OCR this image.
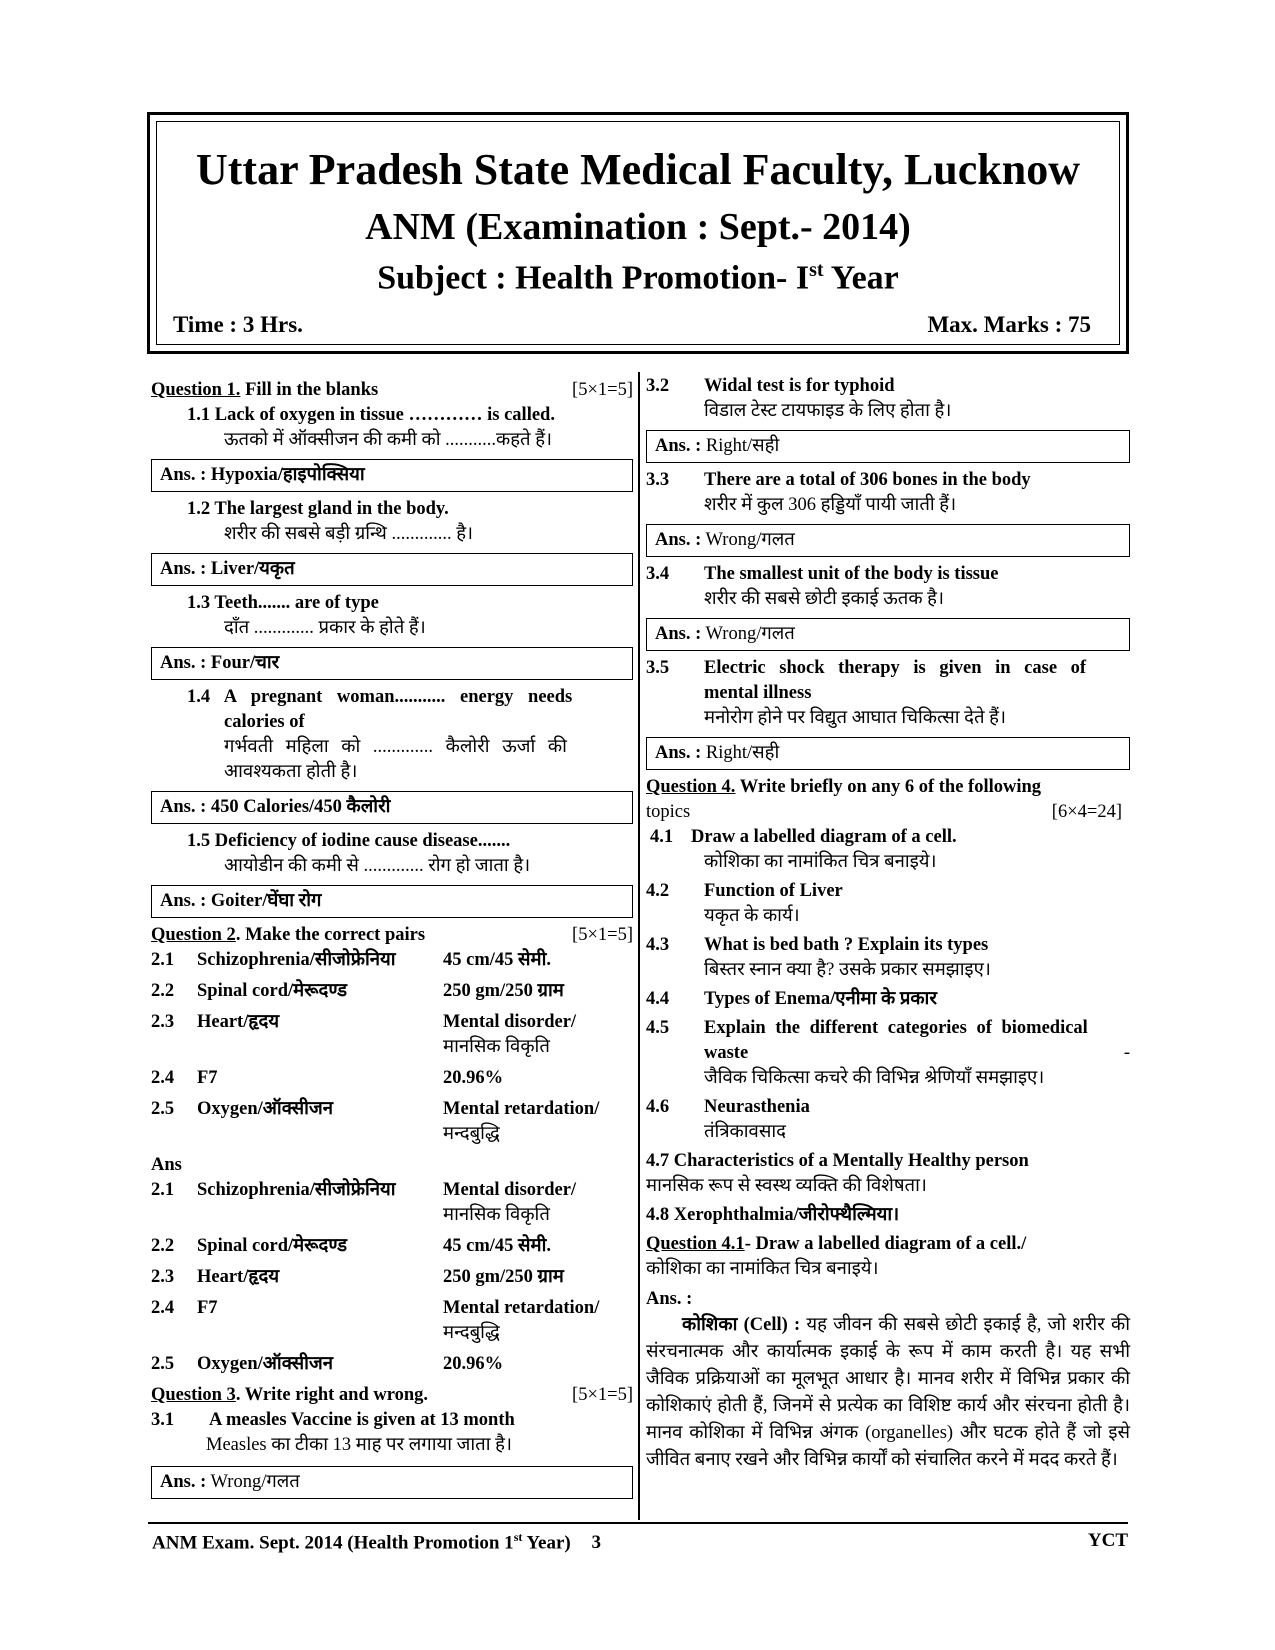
Uttar Pradesh State Medical Faculty, Lucknow
ANM (Examination : Sept.- 2014)
Subject : Health Promotion- Ist Year
Time : 3 Hrs.	Max. Marks : 75
Question 1. Fill in the blanks	[5×1=5]
1.1 Lack of oxygen in tissue ………… is called.
ऊतको में ऑक्सीजन की कमी को ...........कहते हैं।
Ans. : Hypoxia/हाइपोक्सिया
1.2 The largest gland in the body.
शरीर की सबसे बड़ी ग्रन्थि ............. है।
Ans. : Liver/यकृत
1.3 Teeth....... are of type
दाँत ............. प्रकार के होते हैं।
Ans. : Four/चार
1.4 A pregnant woman........... energy needs
calories of
गर्भवती महिला को ............. कैलोरी ऊर्जा की
आवश्यकता होती है।
Ans. : 450 Calories/450 कैलोरी
1.5 Deficiency of iodine cause disease.......
आयोडीन की कमी से ............. रोग हो जाता है।
Ans. : Goiter/घेंघा रोग
Question 2. Make the correct pairs	[5×1=5]
2.1	Schizophrenia/सीजोफ्रेनिया	45 cm/45 सेमी.
2.2	Spinal cord/मेरूदण्ड	250 gm/250 ग्राम
2.3	Heart/हृदय	Mental disorder/
मानसिक विकृति
2.4	F7	20.96%
2.5	Oxygen/ऑक्सीजन	Mental retardation/
मन्दबुद्धि
Ans
2.1	Schizophrenia/सीजोफ्रेनिया	Mental disorder/
मानसिक विकृति
2.2	Spinal cord/मेरूदण्ड	45 cm/45 सेमी.
2.3	Heart/हृदय	250 gm/250 ग्राम
2.4	F7	Mental retardation/
मन्दबुद्धि
2.5	Oxygen/ऑक्सीजन	20.96%
Question 3. Write right and wrong.	[5×1=5]
3.1	A measles Vaccine is given at 13 month
Measles का टीका 13 माह पर लगाया जाता है।
Ans. : Wrong/गलत
3.2	Widal test is for typhoid
विडाल टेस्ट टायफाइड के लिए होता है।
Ans. : Right/सही
3.3	There are a total of 306 bones in the body
शरीर में कुल 306 हड्डियाँ पायी जाती हैं।
Ans. : Wrong/गलत
3.4	The smallest unit of the body is tissue
शरीर की सबसे छोटी इकाई ऊतक है।
Ans. : Wrong/गलत
3.5	Electric shock therapy is given in case of
mental illness
मनोरोग होने पर विद्युत आघात चिकित्सा देते हैं।
Ans. : Right/सही
Question 4. Write briefly on any 6 of the following
topics	[6×4=24]
4.1 Draw a labelled diagram of a cell.
कोशिका का नामांकित चित्र बनाइये।
4.2	Function of Liver
यकृत के कार्य।
4.3	What is bed bath ? Explain its types
बिस्तर स्नान क्या है? उसके प्रकार समझाइए।
4.4	Types of Enema/एनीमा के प्रकार
4.5	Explain the different categories of biomedical
waste	-
जैविक चिकित्सा कचरे की विभिन्न श्रेणियाँ समझाइए।
4.6	Neurasthenia
तंत्रिकावसाद
4.7 Characteristics of a Mentally Healthy person
मानसिक रूप से स्वस्थ व्यक्ति की विशेषता।
4.8 Xerophthalmia/जीरोफ्थैल्मिया।
Question 4.1- Draw a labelled diagram of a cell./
कोशिका का नामांकित चित्र बनाइये।
Ans. :
कोशिका (Cell) : यह जीवन की सबसे छोटी इकाई है, जो शरीर की संरचनात्मक और कार्यात्मक इकाई के रूप में काम करती है। यह सभी जैविक प्रक्रियाओं का मूलभूत आधार है। मानव शरीर में विभिन्न प्रकार की कोशिकाएं होती हैं, जिनमें से प्रत्येक का विशिष्ट कार्य और संरचना होती है। मानव कोशिका में विभिन्न अंगक (organelles) और घटक होते हैं जो इसे जीवित बनाए रखने और विभिन्न कार्यों को संचालित करने में मदद करते हैं।
ANM Exam. Sept. 2014 (Health Promotion 1st Year) 3	YCT
